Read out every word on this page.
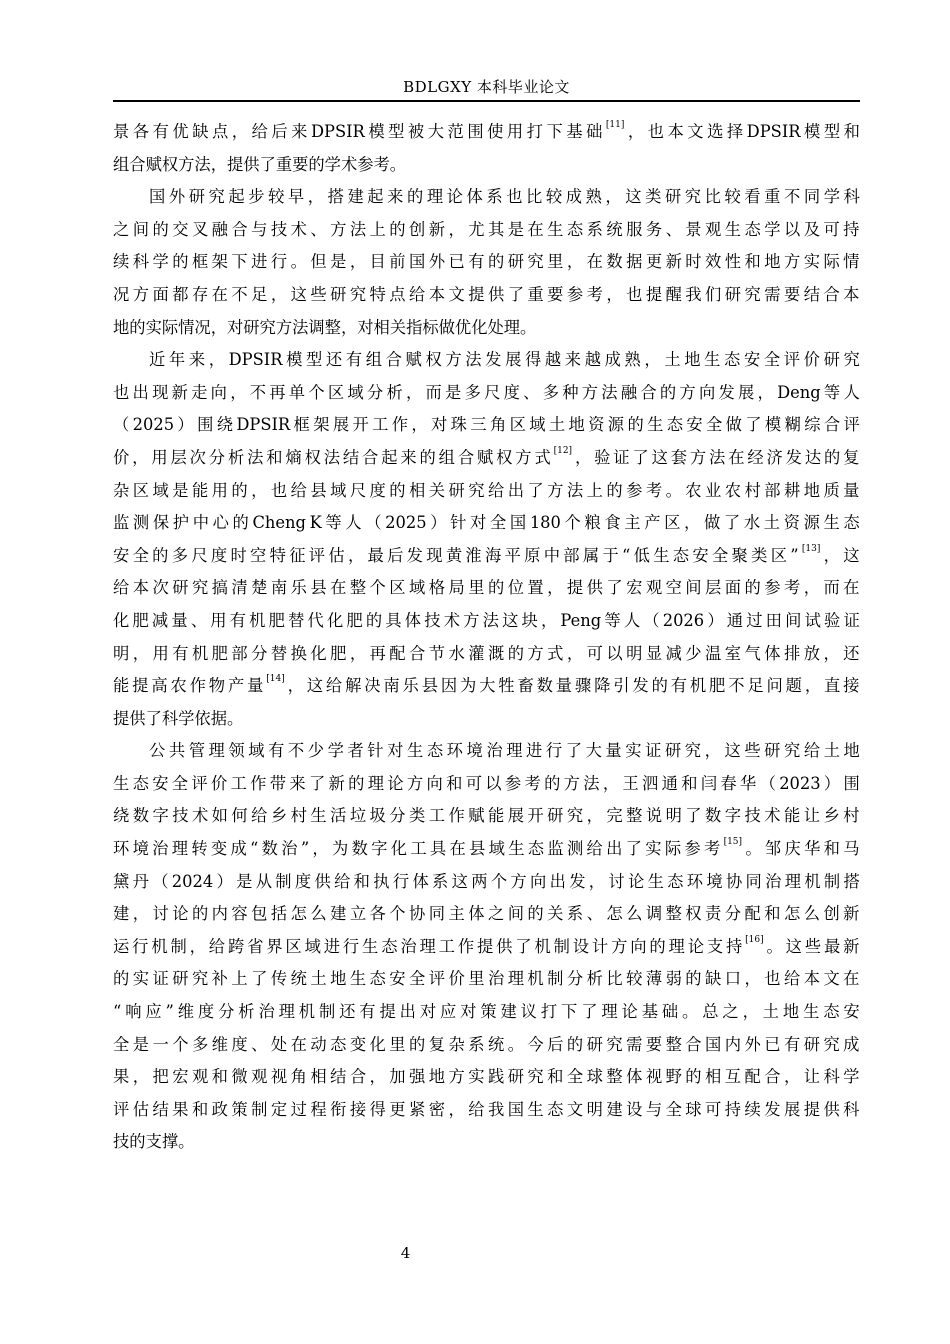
BDLGXY 本科毕业论文
景 各 有 优 缺 点 ， 给 后 来 DPSIR 模 型 被 大 范 围 使 用 打 下 基 础 [11] ， 也 本 文 选 择 DPSIR 模 型 和
组合赋权方法，提供了重要的学术参考。
国 外 研 究 起 步 较 早 ， 搭 建 起 来 的 理 论 体 系 也 比 较 成 熟 ， 这 类 研 究 比 较 看 重 不 同 学 科
之 间 的 交 叉 融 合 与 技 术 、 方 法 上 的 创 新 ， 尤 其 是 在 生 态 系 统 服 务 、 景 观 生 态 学 以 及 可 持
续 科 学 的 框 架 下 进 行 。 但 是 ， 目 前 国 外 已 有 的 研 究 里 ， 在 数 据 更 新 时 效 性 和 地 方 实 际 情
况 方 面 都 存 在 不 足 ， 这 些 研 究 特 点 给 本 文 提 供 了 重 要 参 考 ， 也 提 醒 我 们 研 究 需 要 结 合 本
地的实际情况，对研究方法调整，对相关指标做优化处理。
近 年 来 ， DPSIR 模 型 还 有 组 合 赋 权 方 法 发 展 得 越 来 越 成 熟 ， 土 地 生 态 安 全 评 价 研 究
也 出 现 新 走 向 ， 不 再 单 个 区 域 分 析 ， 而 是 多 尺 度 、 多 种 方 法 融 合 的 方 向 发 展 ， Deng 等 人
（ 2025 ） 围 绕 DPSIR 框 架 展 开 工 作 ， 对 珠 三 角 区 域 土 地 资 源 的 生 态 安 全 做 了 模 糊 综 合 评
价 ， 用 层 次 分 析 法 和 熵 权 法 结 合 起 来 的 组 合 赋 权 方 式 [12] ， 验 证 了 这 套 方 法 在 经 济 发 达 的 复
杂 区 域 是 能 用 的 ， 也 给 县 域 尺 度 的 相 关 研 究 给 出 了 方 法 上 的 参 考 。 农 业 农 村 部 耕 地 质 量
监 测 保 护 中 心 的 Cheng K 等 人 （ 2025 ） 针 对 全 国 180 个 粮 食 主 产 区 ， 做 了 水 土 资 源 生 态
安 全 的 多 尺 度 时 空 特 征 评 估 ， 最 后 发 现 黄 淮 海 平 原 中 部 属 于 “ 低 生 态 安 全 聚 类 区 ” [13] ， 这
给 本 次 研 究 搞 清 楚 南 乐 县 在 整 个 区 域 格 局 里 的 位 置 ， 提 供 了 宏 观 空 间 层 面 的 参 考 ， 而 在
化 肥 减 量 、 用 有 机 肥 替 代 化 肥 的 具 体 技 术 方 法 这 块 ， Peng 等 人 （ 2026 ） 通 过 田 间 试 验 证
明 ， 用 有 机 肥 部 分 替 换 化 肥 ， 再 配 合 节 水 灌 溉 的 方 式 ， 可 以 明 显 减 少 温 室 气 体 排 放 ， 还
能 提 高 农 作 物 产 量 [14] ， 这 给 解 决 南 乐 县 因 为 大 牲 畜 数 量 骤 降 引 发 的 有 机 肥 不 足 问 题 ， 直 接
提供了科学依据。
公 共 管 理 领 域 有 不 少 学 者 针 对 生 态 环 境 治 理 进 行 了 大 量 实 证 研 究 ， 这 些 研 究 给 土 地
生 态 安 全 评 价 工 作 带 来 了 新 的 理 论 方 向 和 可 以 参 考 的 方 法 ， 王 泗 通 和 闫 春 华 （ 2023 ） 围
绕 数 字 技 术 如 何 给 乡 村 生 活 垃 圾 分 类 工 作 赋 能 展 开 研 究 ， 完 整 说 明 了 数 字 技 术 能 让 乡 村
环 境 治 理 转 变 成 “ 数 治 ” ， 为 数 字 化 工 具 在 县 域 生 态 监 测 给 出 了 实 际 参 考 [15] 。 邹 庆 华 和 马
黛 丹 （ 2024 ） 是 从 制 度 供 给 和 执 行 体 系 这 两 个 方 向 出 发 ， 讨 论 生 态 环 境 协 同 治 理 机 制 搭
建 ， 讨 论 的 内 容 包 括 怎 么 建 立 各 个 协 同 主 体 之 间 的 关 系 、 怎 么 调 整 权 责 分 配 和 怎 么 创 新
运 行 机 制 ， 给 跨 省 界 区 域 进 行 生 态 治 理 工 作 提 供 了 机 制 设 计 方 向 的 理 论 支 持 [16] 。 这 些 最 新
的 实 证 研 究 补 上 了 传 统 土 地 生 态 安 全 评 价 里 治 理 机 制 分 析 比 较 薄 弱 的 缺 口 ， 也 给 本 文 在
“ 响 应 ” 维 度 分 析 治 理 机 制 还 有 提 出 对 应 对 策 建 议 打 下 了 理 论 基 础 。 总 之 ， 土 地 生 态 安
全 是 一 个 多 维 度 、 处 在 动 态 变 化 里 的 复 杂 系 统 。 今 后 的 研 究 需 要 整 合 国 内 外 已 有 研 究 成
果 ， 把 宏 观 和 微 观 视 角 相 结 合 ， 加 强 地 方 实 践 研 究 和 全 球 整 体 视 野 的 相 互 配 合 ， 让 科 学
评 估 结 果 和 政 策 制 定 过 程 衔 接 得 更 紧 密 ， 给 我 国 生 态 文 明 建 设 与 全 球 可 持 续 发 展 提 供 科
技的支撑。
4
